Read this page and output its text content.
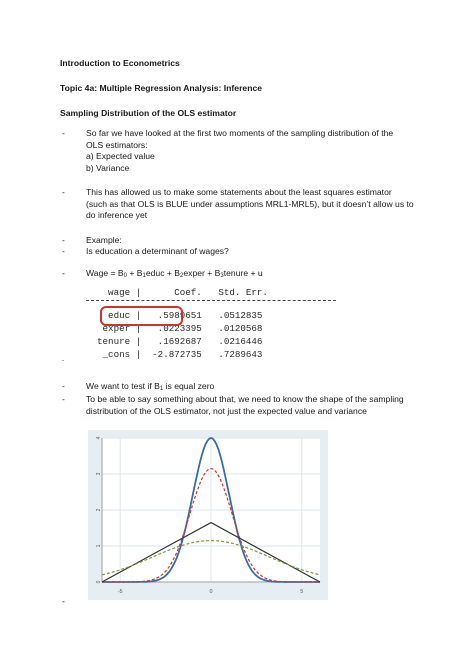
Introduction to Econometrics
Topic 4a: Multiple Regression Analysis: Inference
Sampling Distribution of the OLS estimator
- So far we have looked at the first two moments of the sampling distribution of the
OLS estimators:
a) Expected value
b) Variance
- This has allowed us to make some statements about the least squares estimator
(such as that OLS is BLUE under assumptions MRL1-MRL5), but it doesn’t allow us to
do inference yet
- Example:
- Is education a determinant of wages?
- Wage = $B_0$ + $B_1educ$ + $B_2exper$ + $B_3tenure + u$
wage |      Coef.   Std. Err.
educ |   .5989651   .0512835
exper |   .0223395   .0120568
tenure |   .1692687   .0216446
_cons |  -2.872735   .7289643
-
- We want to test if $B_1$ is equal zero
- To be able to say something about that, we need to know the shape of the sampling
distribution of the OLS estimator, not just the expected value and variance
0
1
2
3
4
-5	0	5
-
